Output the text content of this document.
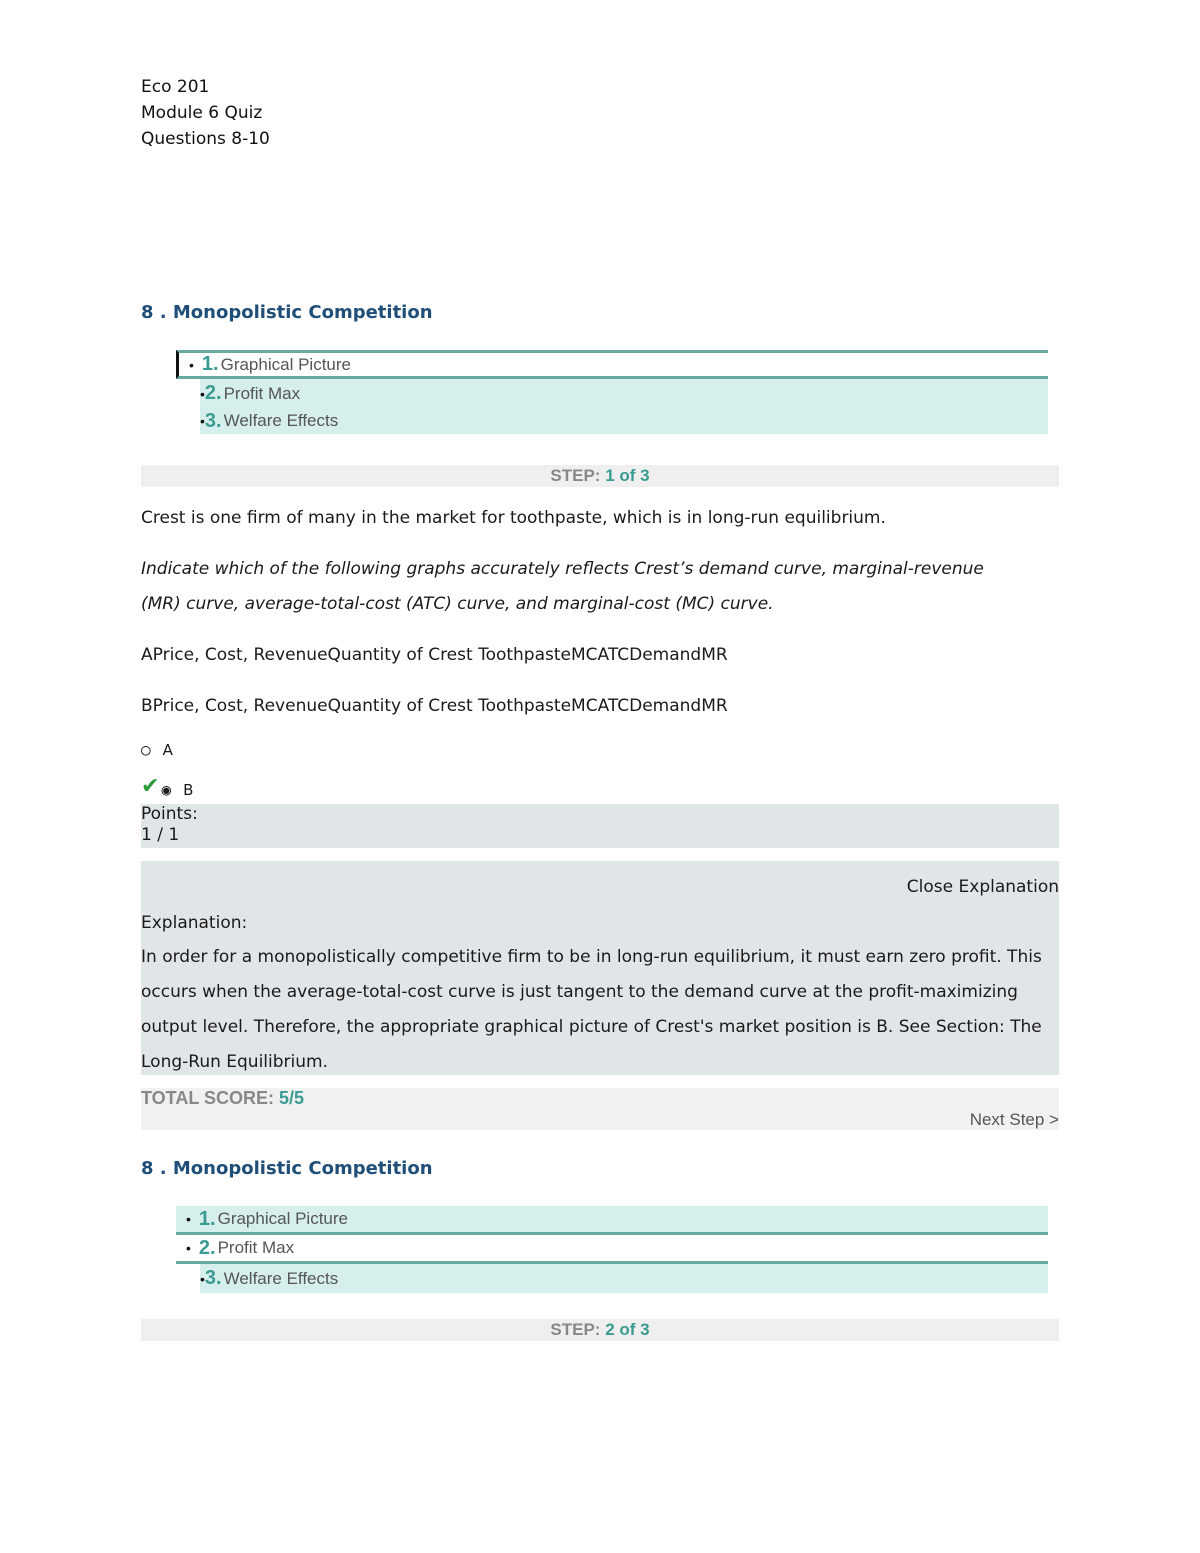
Eco 201
Module 6 Quiz
Questions 8-10
8 . Monopolistic Competition
• 1. Graphical Picture
• 2. Profit Max
• 3. Welfare Effects
STEP: 1 of 3
Crest is one firm of many in the market for toothpaste, which is in long-run equilibrium.
Indicate which of the following graphs accurately reflects Crest’s demand curve, marginal-revenue
(MR) curve, average-total-cost (ATC) curve, and marginal-cost (MC) curve.
APrice, Cost, RevenueQuantity of Crest ToothpasteMCATCDemandMR
BPrice, Cost, RevenueQuantity of Crest ToothpasteMCATCDemandMR
○ A
✔ ◉ B
Points:
1 / 1
Close Explanation
Explanation:
In order for a monopolistically competitive firm to be in long-run equilibrium, it must earn zero profit. This occurs when the average-total-cost curve is just tangent to the demand curve at the profit-maximizing output level. Therefore, the appropriate graphical picture of Crest's market position is B. See Section: The Long-Run Equilibrium.
TOTAL SCORE: 5/5
Next Step >
8 . Monopolistic Competition
• 1. Graphical Picture
• 2. Profit Max
• 3. Welfare Effects
STEP: 2 of 3
